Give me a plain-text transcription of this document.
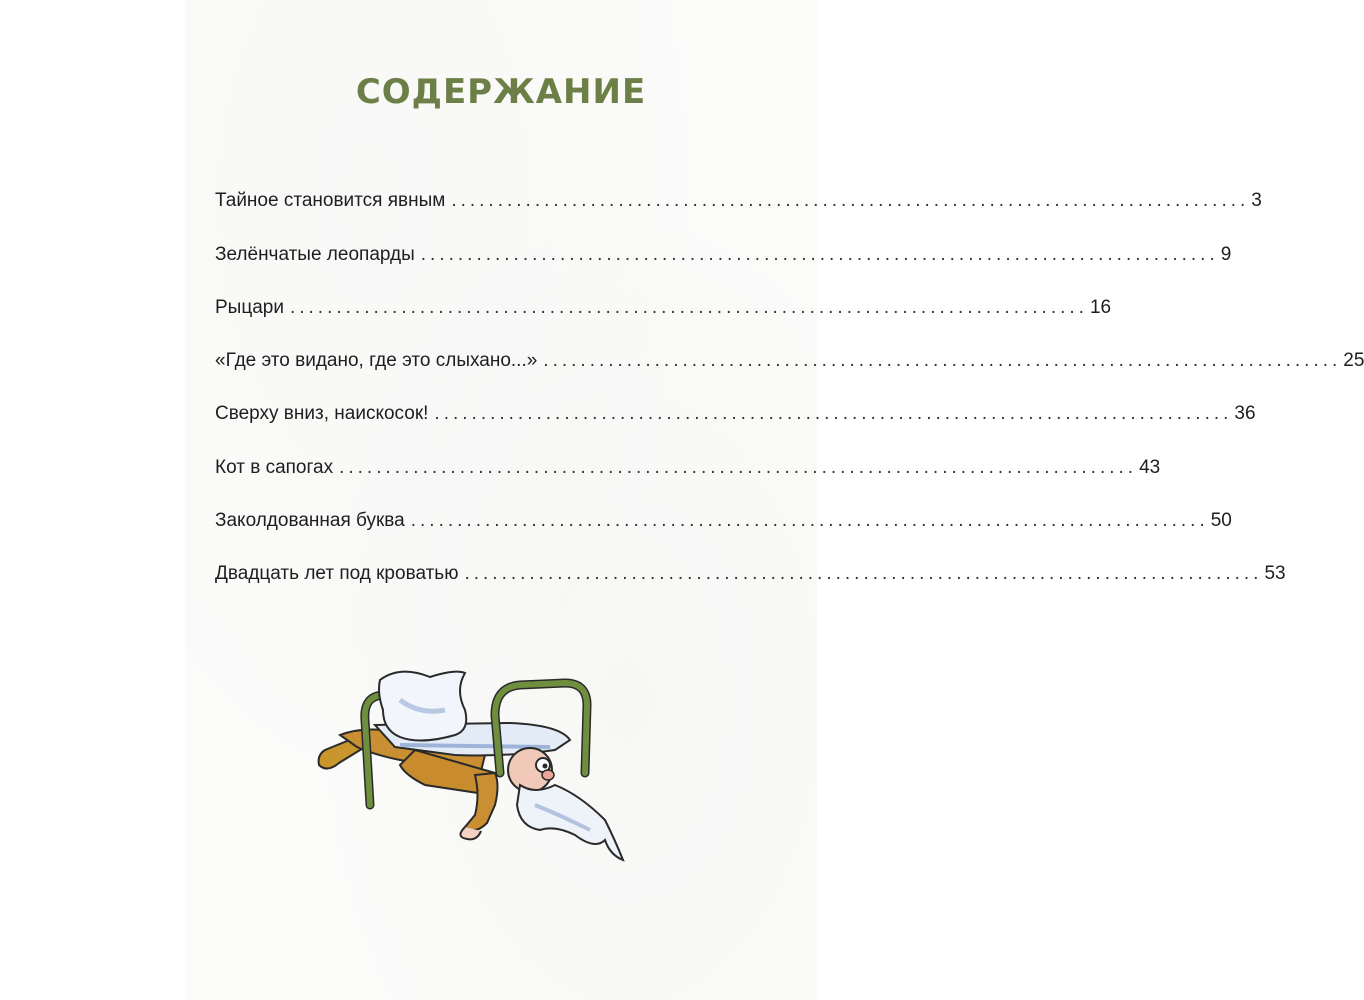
СОДЕРЖАНИЕ
Тайное становится явным ...................................................................................... 3
Зелёнчатые леопарды ...................................................................................... 9
Рыцари ...................................................................................... 16
«Где это видано, где это слыхано...» ...................................................................................... 25
Сверху вниз, наискосок! ...................................................................................... 36
Кот в сапогах ...................................................................................... 43
Заколдованная буква ...................................................................................... 50
Двадцать лет под кроватью ...................................................................................... 53
